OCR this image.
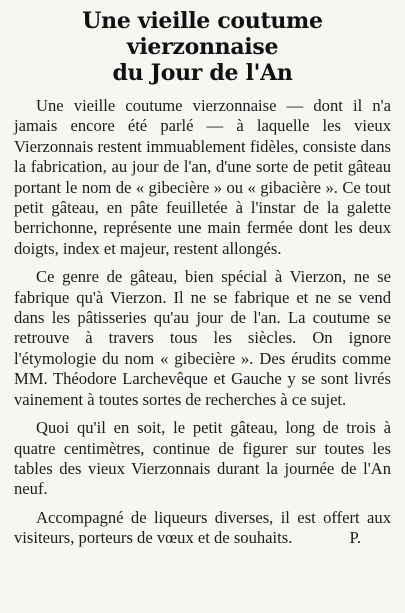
Une vieille coutume vierzonnaise
du Jour de l'An

Une vieille coutume vierzonnaise — dont il n'a jamais encore été parlé — à laquelle les vieux Vierzonnais restent immuablement fidèles, consiste dans la fabrication, au jour de l'an, d'une sorte de petit gâteau portant le nom de « gibecière » ou « gibacière ». Ce tout petit gâteau, en pâte feuilletée à l'instar de la galette berrichonne, représente une main fermée dont les deux doigts, index et majeur, restent allongés.

Ce genre de gâteau, bien spécial à Vierzon, ne se fabrique qu'à Vierzon. Il ne se fabrique et ne se vend dans les pâtisseries qu'au jour de l'an. La coutume se retrouve à travers tous les siècles. On ignore l'étymologie du nom « gibecière ». Des érudits comme MM. Théodore Larchevêque et Gauche y se sont livrés vainement à toutes sortes de recherches à ce sujet.

Quoi qu'il en soit, le petit gâteau, long de trois à quatre centimètres, continue de figurer sur toutes les tables des vieux Vierzonnais durant la journée de l'An neuf.

Accompagné de liqueurs diverses, il est offert aux visiteurs, porteurs de vœux et de souhaits.	P.
